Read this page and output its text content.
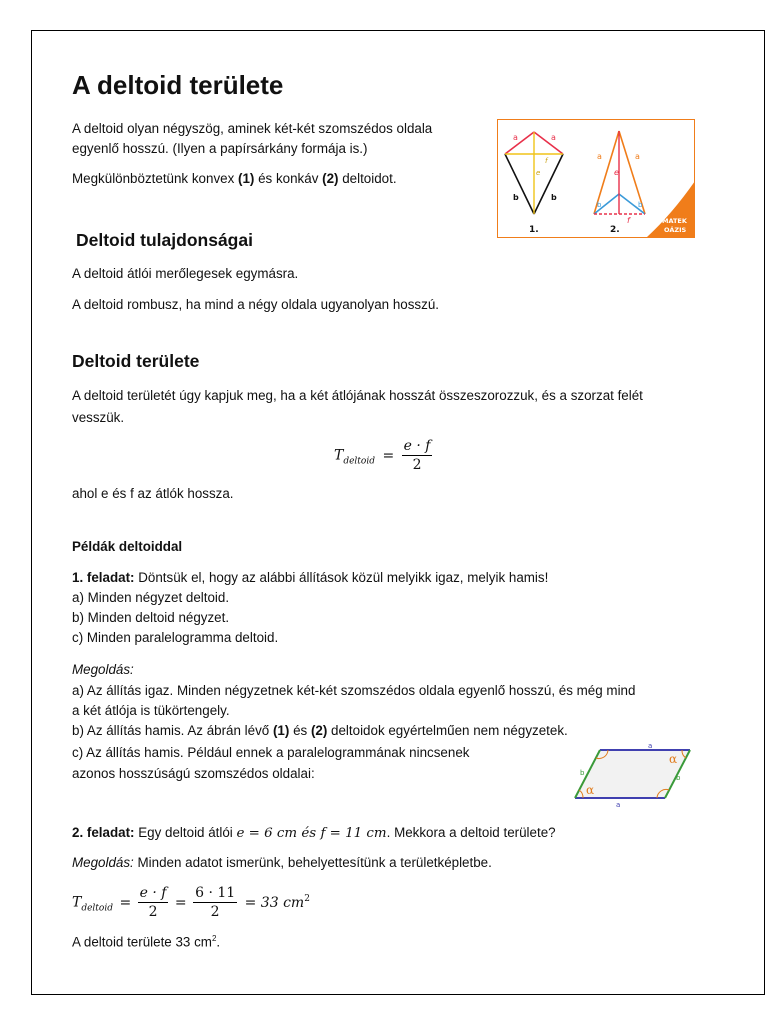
A deltoid területe

A deltoid olyan négyszög, aminek két-két szomszédos oldala

egyenlő hosszú. (Ilyen a papírsárkány formája is.)

Megkülönböztetünk konvex (1) és konkáv (2) deltoidot.

a	a
e
f
b	b
1.
a	a
e
b	b
f
2.
MATEK
OÁZIS
Deltoid tulajdonságai

A deltoid átlói merőlegesek egymásra.

A deltoid rombusz, ha mind a négy oldala ugyanolyan hosszú.

Deltoid területe

A deltoid területét úgy kapjuk meg, ha a két átlójának hosszát összeszorozzuk, és a szorzat felét

vesszük.

$T_{deltoid} = \frac{e \cdot f}{2}$

ahol e és f az átlók hossza.

Példák deltoiddal

1. feladat: Döntsük el, hogy az alábbi állítások közül melyikk igaz, melyik hamis!

a) Minden négyzet deltoid.

b) Minden deltoid négyzet.

c) Minden paralelogramma deltoid.

Megoldás:

a) Az állítás igaz. Minden négyzetnek két-két szomszédos oldala egyenlő hosszú, és még mind

a két átlója is tükörtengely.

b) Az állítás hamis. Az ábrán lévő (1) és (2) deltoidok egyértelműen nem négyzetek.

c) Az állítás hamis. Például ennek a paralelogrammának nincsenek

azonos hosszúságú szomszédos oldalai:

a
a
b
b
α
α

2. feladat: Egy deltoid átlói e = 6 cm és f = 11 cm. Mekkora a deltoid területe?

Megoldás: Minden adatot ismerünk, behelyettesítünk a területképletbe.

$T_{deltoid} = \frac{e \cdot f}{2} = \frac{6 \cdot 11}{2} = 33$ $cm^2$

A deltoid területe 33 $cm^2$.
